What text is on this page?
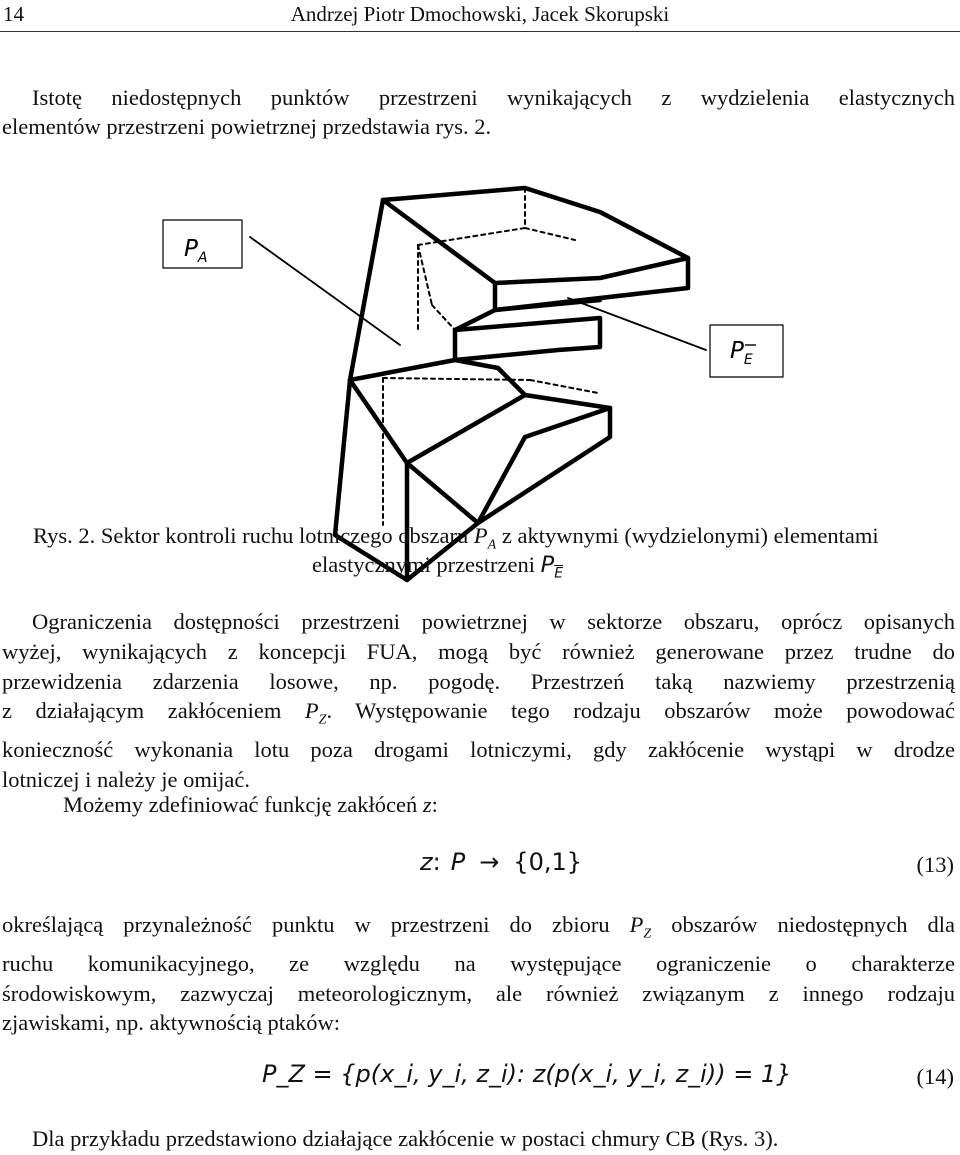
14	Andrzej Piotr Dmochowski, Jacek Skorupski
Istotę niedostępnych punktów przestrzeni wynikających z wydzielenia elastycznych
elementów przestrzeni powietrznej przedstawia rys. 2.
$P_A$
$P_E$
Rys. 2. Sektor kontroli ruchu lotniczego obszaru $P_A$ z aktywnymi (wydzielonymi) elementami
elastycznymi przestrzeni $P_{\overline{E}}$
Ograniczenia dostępności przestrzeni powietrznej w sektorze obszaru, oprócz opisanych
wyżej, wynikających z koncepcji FUA, mogą być również generowane przez trudne do
przewidzenia zdarzenia losowe, np. pogodę. Przestrzeń taką nazwiemy przestrzenią
z działającym zakłóceniem $P_Z$. Występowanie tego rodzaju obszarów może powodować
konieczność wykonania lotu poza drogami lotniczymi, gdy zakłócenie wystąpi w drodze
lotniczej i należy je omijać.
Możemy zdefiniować funkcję zakłóceń z:
z: P → {0,1}	(13)
określającą przynależność punktu w przestrzeni do zbioru $P_Z$ obszarów niedostępnych dla
ruchu komunikacyjnego, ze względu na występujące ograniczenie o charakterze
środowiskowym, zazwyczaj meteorologicznym, ale również związanym z innego rodzaju
zjawiskami, np. aktywnością ptaków:
P_Z = {p(x_i, y_i, z_i): z(p(x_i, y_i, z_i)) = 1}	(14)
Dla przykładu przedstawiono działające zakłócenie w postaci chmury CB (Rys. 3).
